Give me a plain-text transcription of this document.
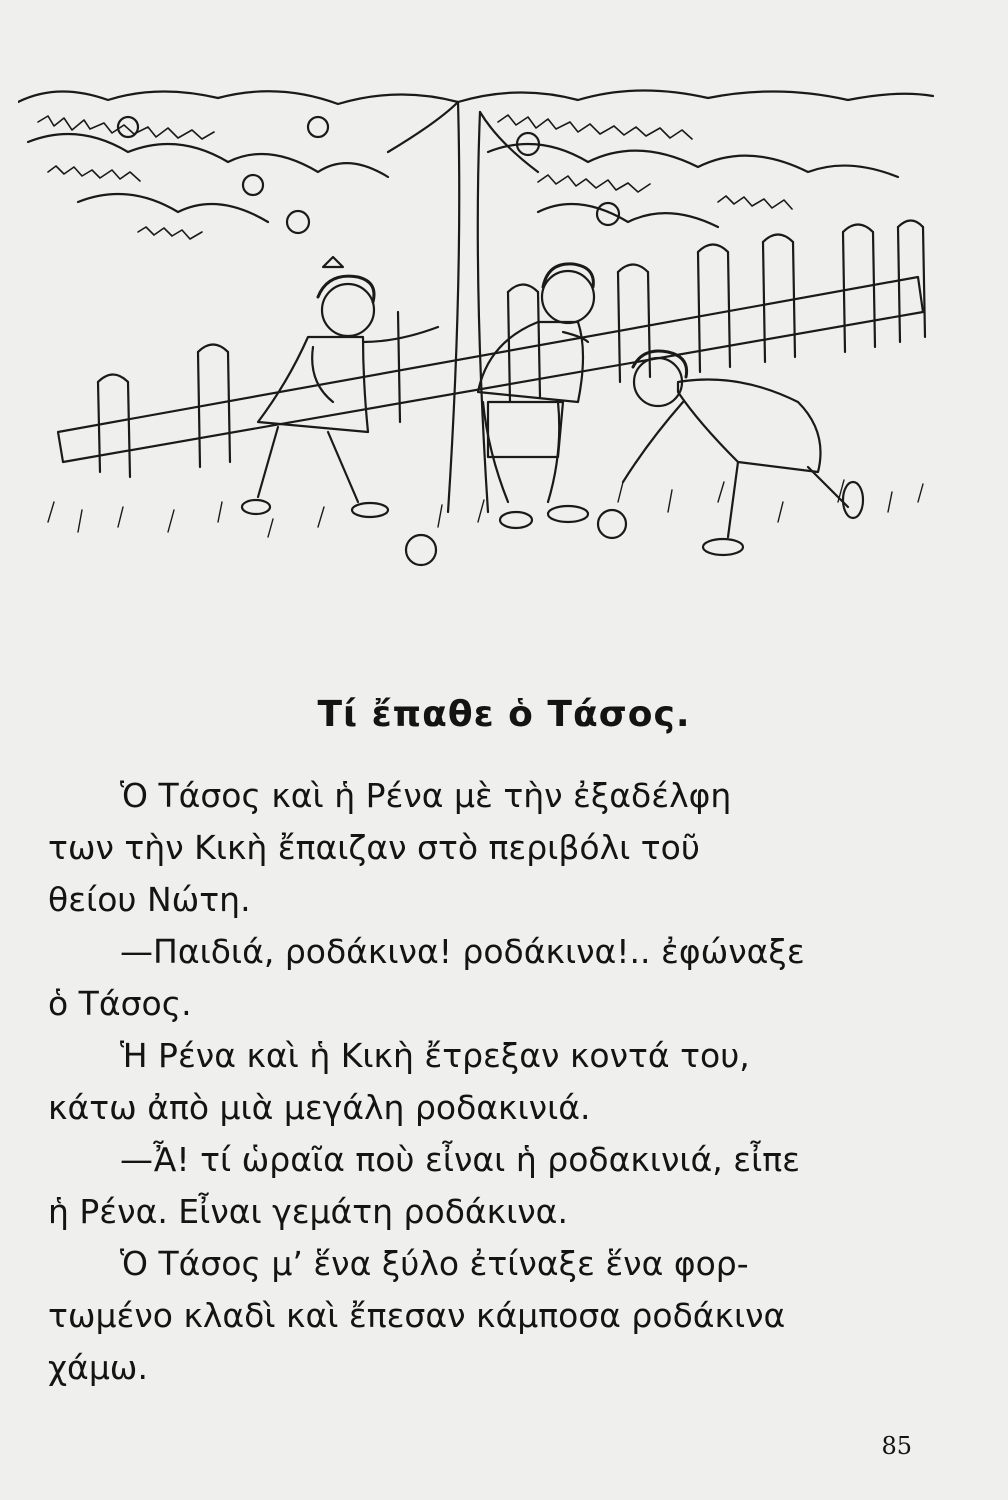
Τί ἔπαθε ὁ Τάσος.
Ὁ Τάσος καὶ ἡ Ρένα μὲ τὴν ἐξαδέλφη
των τὴν Κικὴ ἔπαιζαν στὸ περιβόλι τοῦ
θείου Νώτη.
—Παιδιά, ροδάκινα! ροδάκινα!.. ἐφώναξε
ὁ Τάσος.
Ἡ Ρένα καὶ ἡ Κικὴ ἔτρεξαν κοντά του,
κάτω ἀπὸ μιὰ μεγάλη ροδακινιά.
—Ἆ! τί ὡραῖα ποὺ εἶναι ἡ ροδακινιά, εἶπε
ἡ Ρένα. Εἶναι γεμάτη ροδάκινα.
Ὁ Τάσος μ’ ἕνα ξύλο ἐτίναξε ἕνα φορ-
τωμένο κλαδὶ καὶ ἔπεσαν κάμποσα ροδάκινα
χάμω.
85
